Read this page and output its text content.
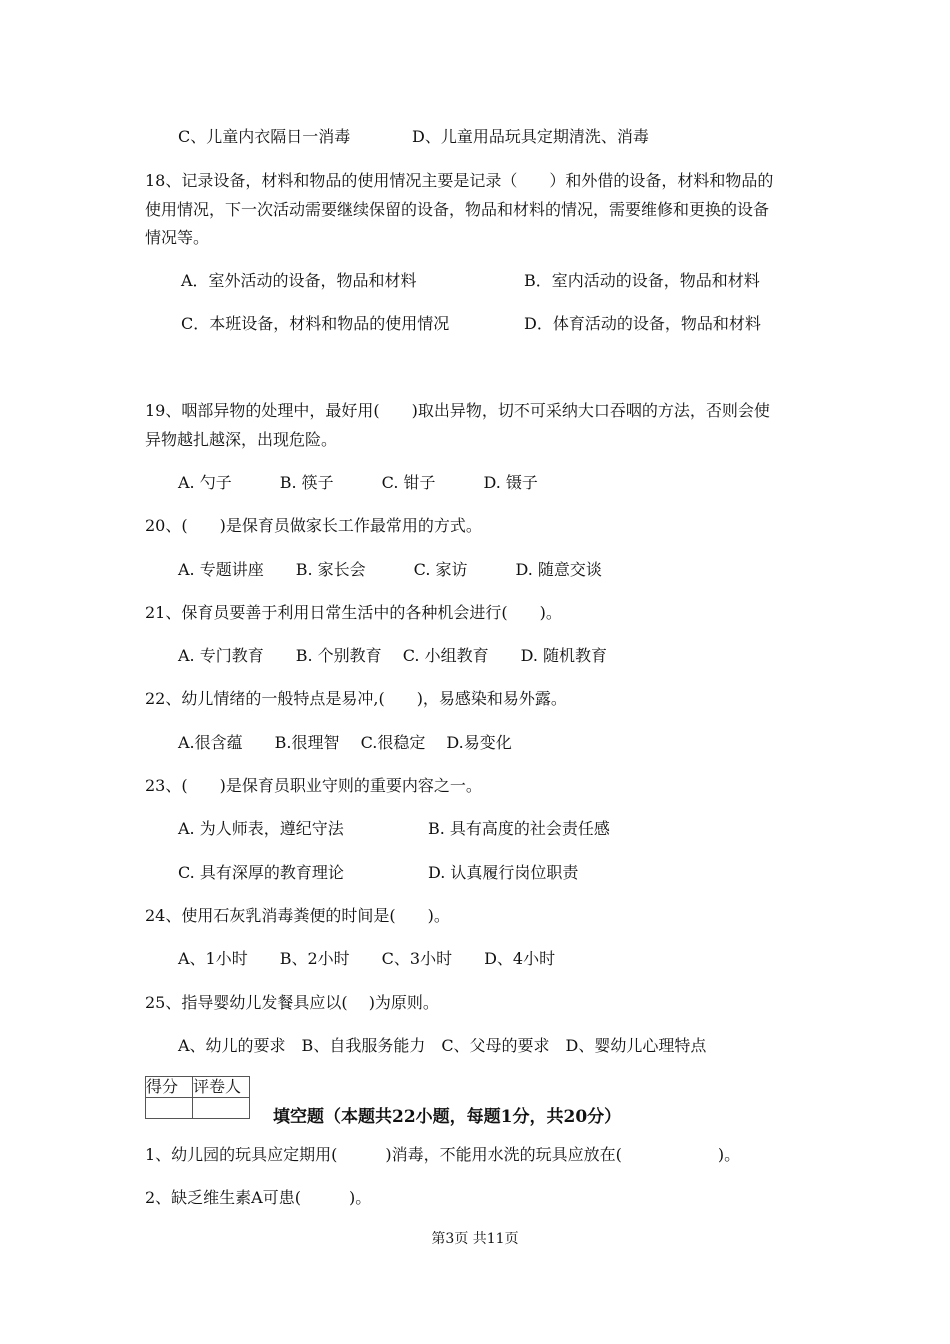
C、儿童内衣隔日一消毒	D、儿童用品玩具定期清洗、消毒
18、记录设备，材料和物品的使用情况主要是记录（　　）和外借的设备，材料和物品的
使用情况，下一次活动需要继续保留的设备，物品和材料的情况，需要维修和更换的设备
情况等。
A．室外活动的设备，物品和材料	B．室内活动的设备，物品和材料
C．本班设备，材料和物品的使用情况	D．体育活动的设备，物品和材料
19、咽部异物的处理中，最好用(　　)取出异物，切不可采纳大口吞咽的方法，否则会使
异物越扎越深，出现危险。
A. 勺子　　　B. 筷子　　　C. 钳子　　　D. 镊子
20、(　　)是保育员做家长工作最常用的方式。
A. 专题讲座　　B. 家长会　　　C. 家访　　　D. 随意交谈
21、保育员要善于利用日常生活中的各种机会进行(　　)。
A. 专门教育　　B. 个别教育　 C. 小组教育　　D. 随机教育
22、幼儿情绪的一般特点是易冲,(　　)，易感染和易外露。
A.很含蕴　　B.很理智　 C.很稳定　 D.易变化
23、(　　)是保育员职业守则的重要内容之一。
A. 为人师表，遵纪守法	B. 具有高度的社会责任感
C. 具有深厚的教育理论	D. 认真履行岗位职责
24、使用石灰乳消毒粪便的时间是(　　)。
A、1小时　　B、2小时　　C、3小时　　D、4小时
25、指导婴幼儿发餐具应以(　 )为原则。
A、幼儿的要求　B、自我服务能力　C、父母的要求　D、婴幼儿心理特点
得分	评卷人

填空题（本题共22小题，每题1分，共20分）
1、幼儿园的玩具应定期用(　　　)消毒，不能用水洗的玩具应放在(　　　　　　)。
2、缺乏维生素A可患(　　　)。
第3页 共11页
